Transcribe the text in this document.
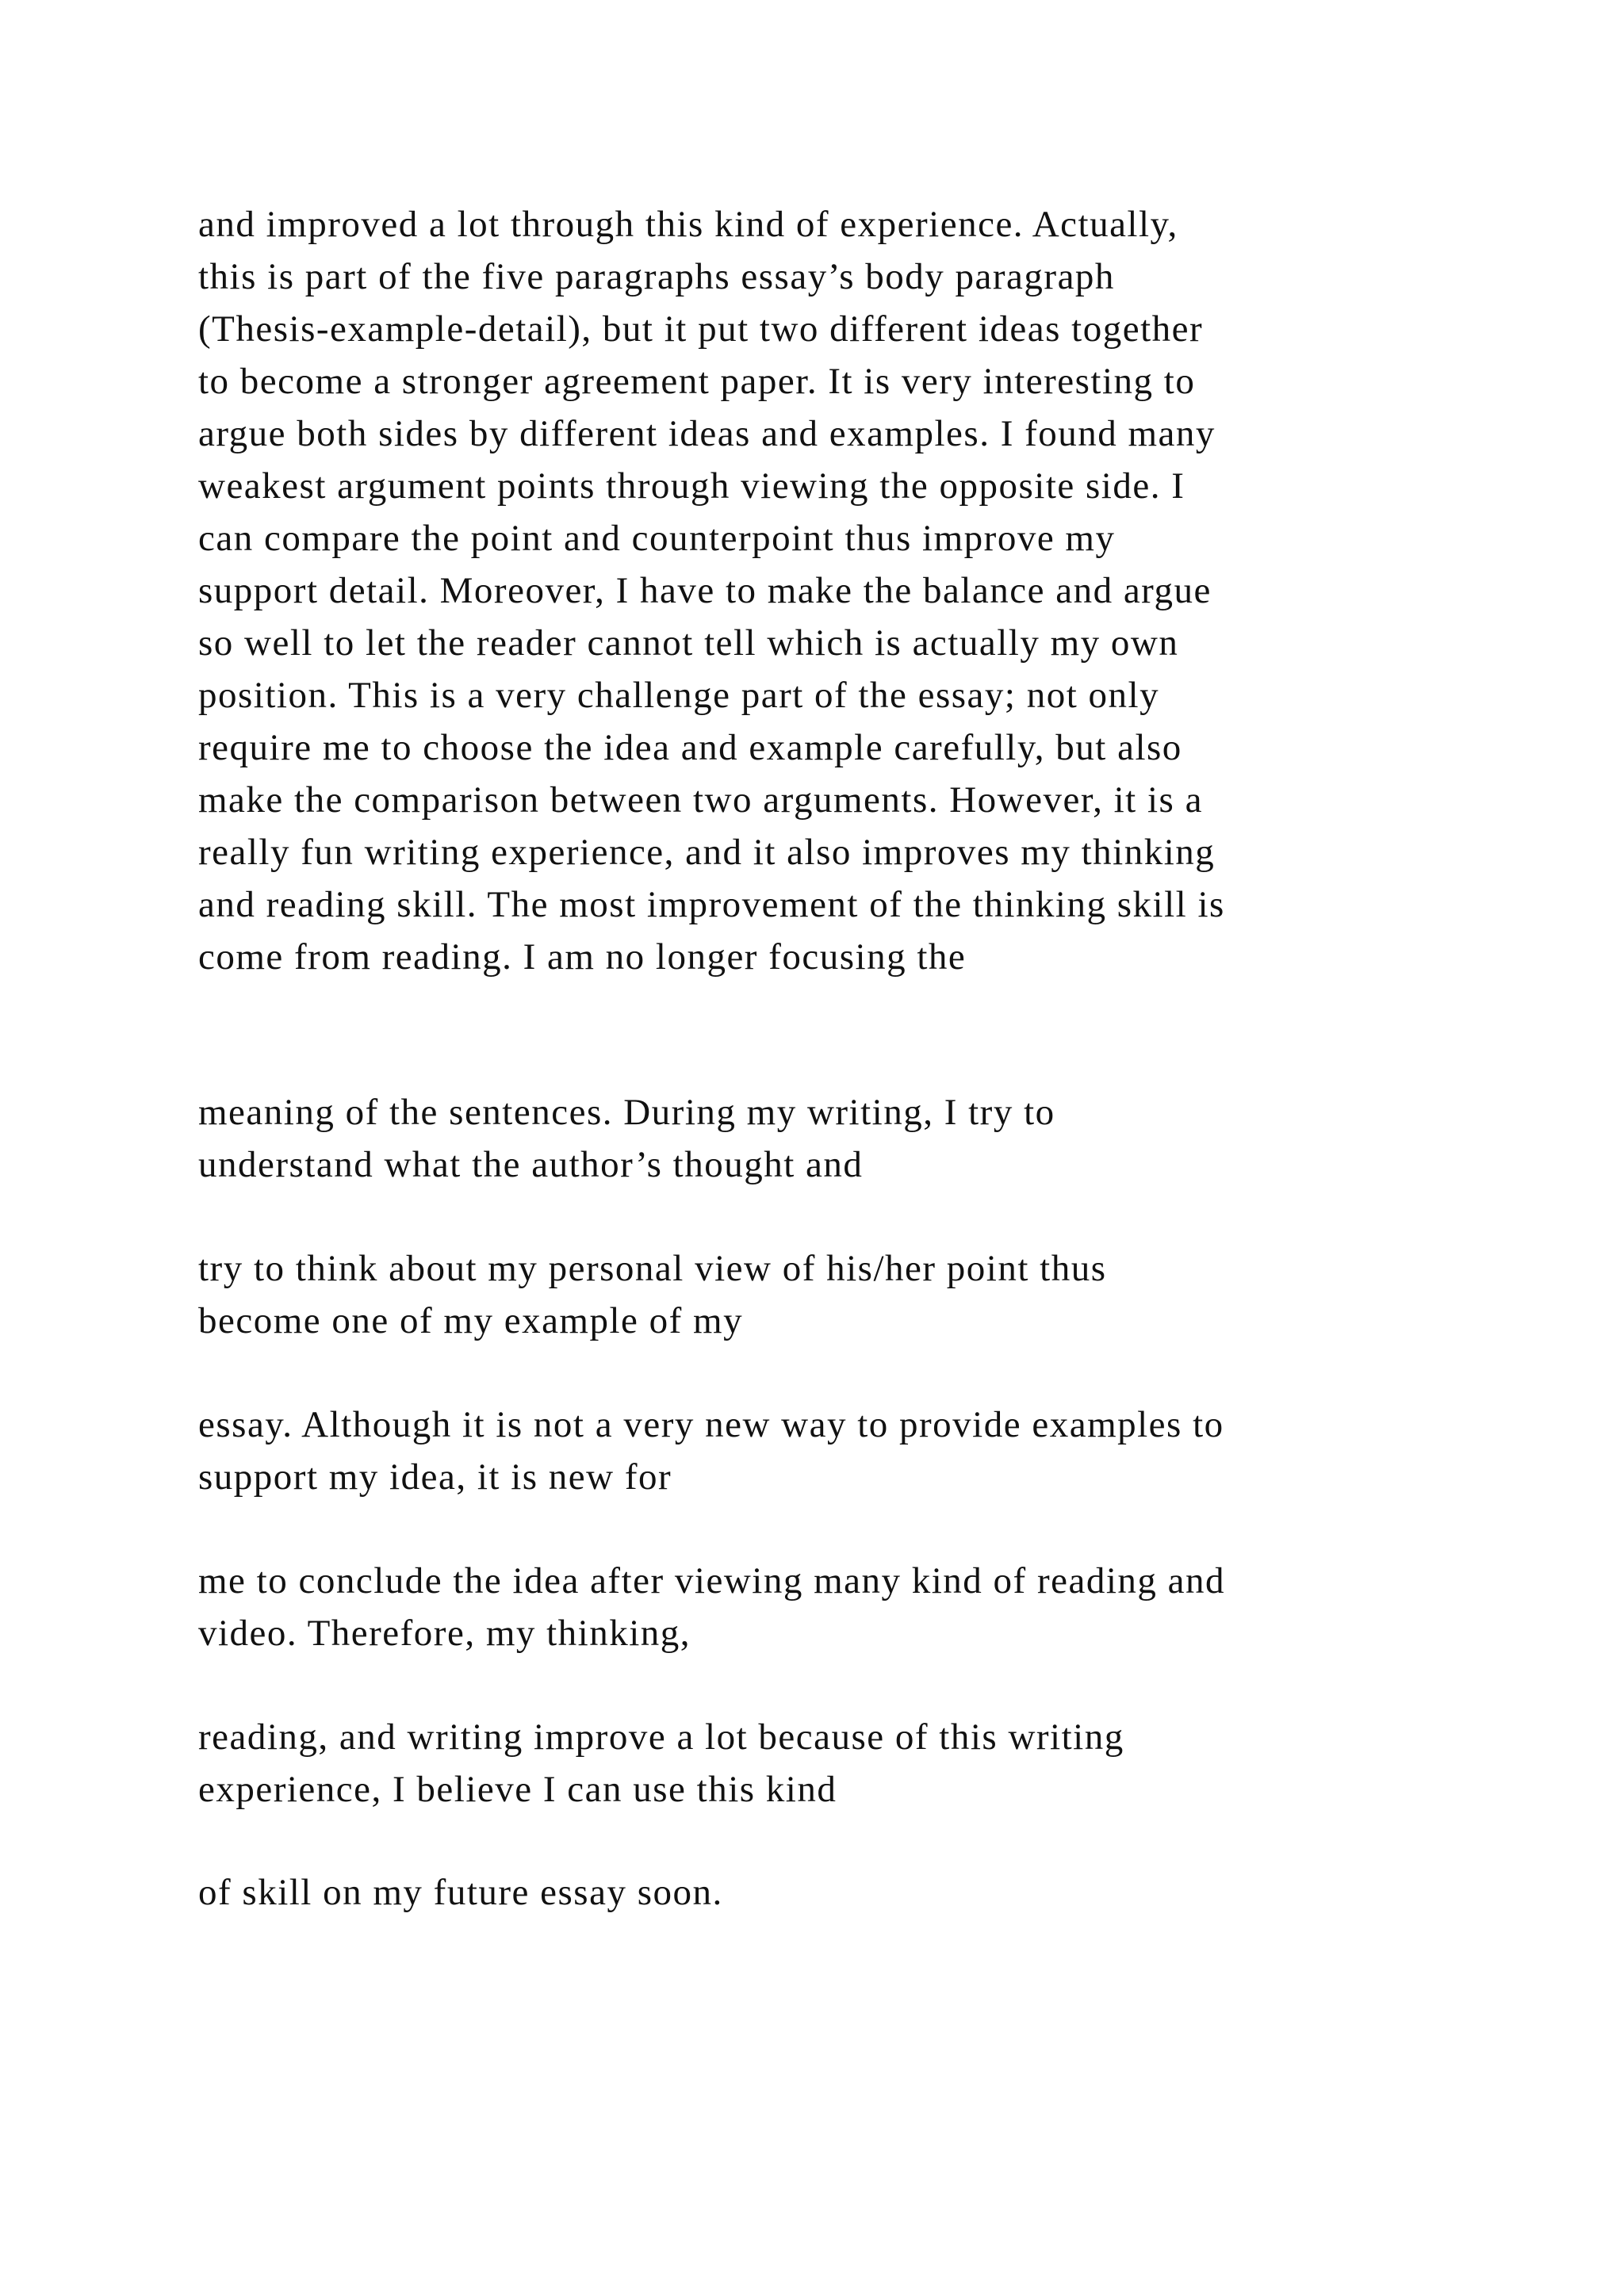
and improved a lot through this kind of experience. Actually,
this is part of the five paragraphs essay’s body paragraph
(Thesis-example-detail), but it put two different ideas together
to become a stronger agreement paper. It is very interesting to
argue both sides by different ideas and examples. I found many
weakest argument points through viewing the opposite side. I
can compare the point and counterpoint thus improve my
support detail. Moreover, I have to make the balance and argue
so well to let the reader cannot tell which is actually my own
position. This is a very challenge part of the essay; not only
require me to choose the idea and example carefully, but also
make the comparison between two arguments. However, it is a
really fun writing experience, and it also improves my thinking
and reading skill. The most improvement of the thinking skill is
come from reading. I am no longer focusing the
meaning of the sentences. During my writing, I try to
understand what the author’s thought and
try to think about my personal view of his/her point thus
become one of my example of my
essay. Although it is not a very new way to provide examples to
support my idea, it is new for
me to conclude the idea after viewing many kind of reading and
video. Therefore, my thinking,
reading, and writing improve a lot because of this writing
experience, I believe I can use this kind
of skill on my future essay soon.
